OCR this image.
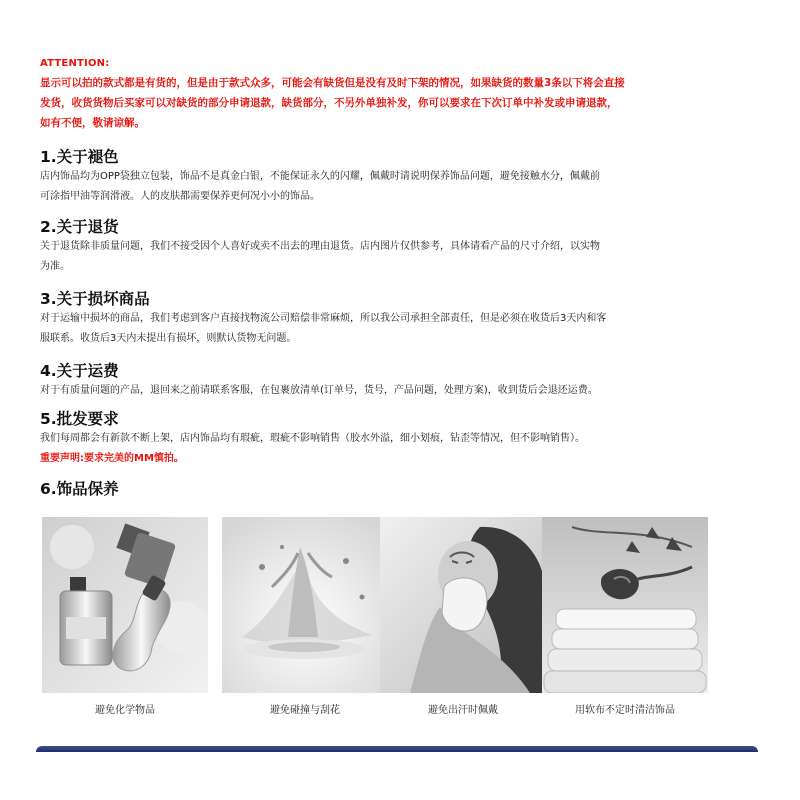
ATTENTION:

显示可以拍的款式都是有货的，但是由于款式众多，可能会有缺货但是没有及时下架的情况，如果缺货的数量3条以下将会直接
发货，收货货物后买家可以对缺货的部分申请退款，缺货部分，不另外单独补发，你可以要求在下次订单中补发或申请退款，
如有不便，敬请谅解。

1.关于褪色

店内饰品均为OPP袋独立包装，饰品不是真金白银，不能保证永久的闪耀，佩戴时请说明保养饰品问题，避免接触水分，佩戴前
可涂指甲油等润滑液。人的皮肤都需要保养更何况小小的饰品。

2.关于退货

关于退货除非质量问题，我们不接受因个人喜好或卖不出去的理由退货。店内图片仅供参考，具体请看产品的尺寸介绍，以实物
为准。

3.关于损坏商品

对于运输中损坏的商品，我们考虑到客户直接找物流公司赔偿非常麻烦，所以我公司承担全部责任，但是必须在收货后3天内和客
服联系。收货后3天内未提出有损坏，则默认货物无问题。

4.关于运费

对于有质量问题的产品，退回来之前请联系客服，在包裹放清单(订单号，货号，产品问题，处理方案)，收到货后会退还运费。

5.批发要求

我们每周都会有新款不断上架，店内饰品均有瑕疵，瑕疵不影响销售（胶水外溢，细小划痕，钻歪等情况，但不影响销售）。

重要声明:要求完美的MM慎拍。

6.饰品保养
避免化学物品	避免碰撞与刮花	避免出汗时佩戴	用软布不定时清洁饰品
